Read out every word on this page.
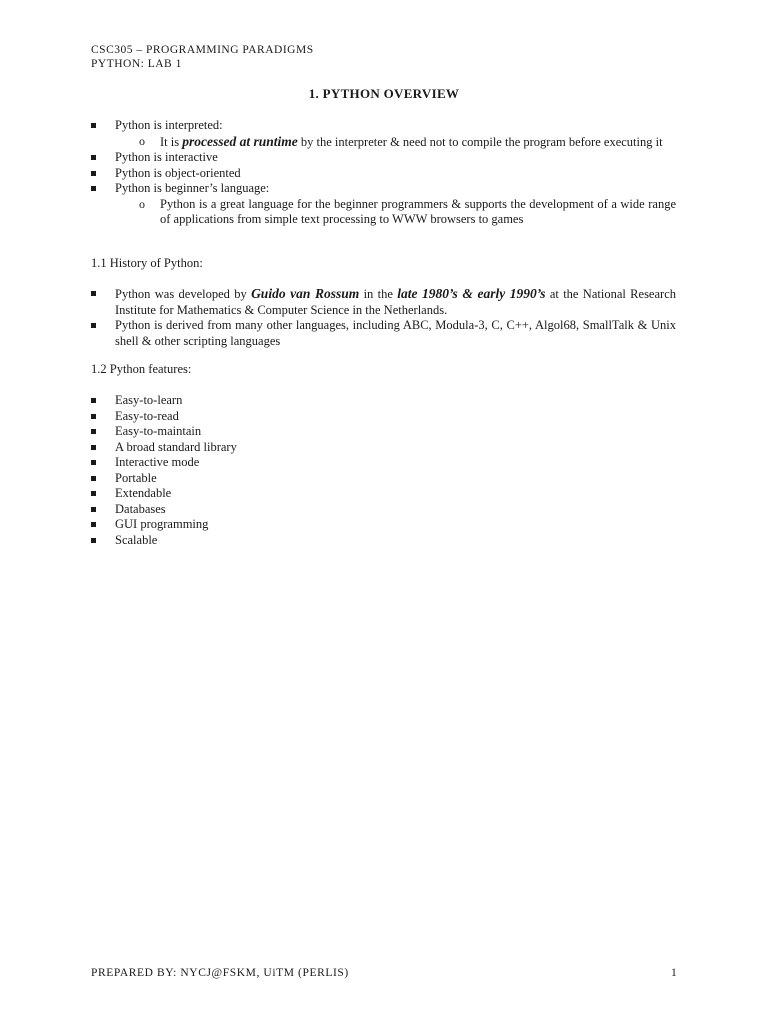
CSC305 – PROGRAMMING PARADIGMS
PYTHON: LAB 1
1. PYTHON OVERVIEW
Python is interpreted:
o It is processed at runtime by the interpreter & need not to compile the program before executing it
Python is interactive
Python is object-oriented
Python is beginner’s language:
o Python is a great language for the beginner programmers & supports the development of a wide range of applications from simple text processing to WWW browsers to games
1.1 History of Python:
Python was developed by Guido van Rossum in the late 1980’s & early 1990’s at the National Research Institute for Mathematics & Computer Science in the Netherlands.
Python is derived from many other languages, including ABC, Modula-3, C, C++, Algol68, SmallTalk & Unix shell & other scripting languages
1.2 Python features:
Easy-to-learn
Easy-to-read
Easy-to-maintain
A broad standard library
Interactive mode
Portable
Extendable
Databases
GUI programming
Scalable
PREPARED BY: NYCJ@FSKM, UiTM (PERLIS)	1
